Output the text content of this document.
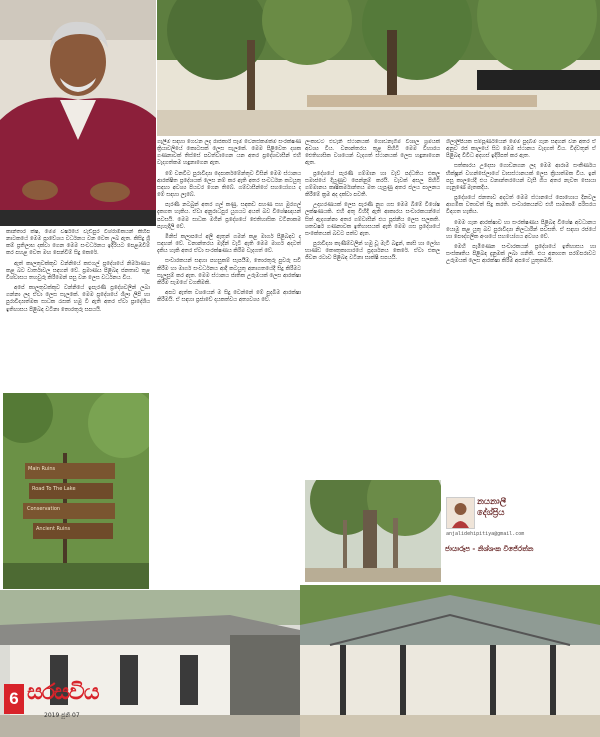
කාන්තාර ක්ෂ, මෙම වර්ෂයේ වැඩිපුර විශ්රාමිකයන් කිහිප නාටකයේ මෙම ප්‍රාවේශය වර්ධනය වන වෙත ලබ ඇත. කිසිදු ශ්‍රී කම් ප්‍රතිලාභ දක්වා ගෙන මෙම සංවර්ධනය ඉදිරියට පෙළඹවීම් කර පහළ වෙත මඟ පෙන්වීම් සිදු කෙරේ.

ඇත් කාලතුවක්කුව වන්නියේ කළුගල් ප්‍රදේශයේ නිර්මාණය කළ බව වාර්තාවල සඳහන් වේ. ප්‍රමාණය පිළිබඳ ජනතාව තුළ විශ්වාසය තහවුරු කිරීමෙන් පසු වන ලෙස වර්ධනය විය.

අපේ කාලතුවක්කුව වන්නියේ ඉපැරණි ප්‍රදේශවලින් ලබා ගන්නා ලද ඒවා ලෙස සැලකේ. මෙම ප්‍රදේශයේ ශිලා ලිපි හා පුරාවිද්‍යාත්මක සාධක රැසක් හමු වී ඇති අතර ඒවා ප්‍රාදේශීය ඉතිහාසය පිළිබඳ වටිනා තොරතුරු සපයයි.

Main Ruins
Road To The Lake
Conservation
Ancient Ruins

ගැලීම සඳහා ගෙවන ලද රාජකාරී සෑම වෙනස්කමක්ම සංරක්ෂණ ක්‍රියාවලියේ කොටසක් ලෙස සැලකේ. මෙම පිළිවෙත දශක ගණනාවක් තිස්සේ පවත්වාගෙන යන අතර ප්‍රදේශවාසීන් එහි වැදගත්කම හඳුනාගෙන ඇත.

මේ වනවිට පුරාවිද්‍යා දෙපාර්තමේන්තුව විසින් මෙම ස්ථානය ආරක්ෂිත ප්‍රදේශයක් ලෙස නම් කර ඇති අතර සංවර්ධන කටයුතු සඳහා අවශ්‍ය පියවර ගෙන තිබේ. ගම්වාසීන්ගේ සහයෝගය ද මේ සඳහා ලැබේ.

පැරණි නටබුන් අතර ගල් කණු, සඳකඩ පහණ සහ මුරගල් දැකගත හැකිය. ඒවා අනුරාධපුර යුගයට අයත් බව විශේෂඥයන් පවසයි. මෙම සාධක මගින් ප්‍රදේශයේ ඓතිහාසික වටිනාකම පැහැදිලි වේ.

මිනිස් කලාපයේ අලි ඇතුන් ගමන් කළ මාර්ග පිළිබඳව ද සඳහන් වේ. වනාන්තරය මැදින් වැටී ඇති මෙම මාර්ග අදටත් දැකිය හැකි අතර ඒවා සංරක්ෂණය කිරීම වැදගත් වේ.

සංචාරකයන් සඳහා පහසුකම් සැපයීම, තොරතුරු පුවරු සවි කිරීම හා මාර්ග සංවර්ධනය ආදී කටයුතු අනාගතයේදී සිදු කිරීමට සැලසුම් කර ඇත. මෙම ස්ථානය ජාතික උරුමයක් ලෙස ආරක්ෂා කිරීම සැමගේ වගකීමකි.

අපට ඇත්ත වශයෙන් ම සිදු වෙන්නේ මේ පුදබිම ආරක්ෂා කිරීමයි. ඒ සඳහා ප්‍රජාවේ දායකත්වය අත්‍යවශ්‍ය වේ.

ලංකාවට එවැනි ස්ථානයක් ගොඩනැගීම විශාල ශ්‍රමයක් අවශ්‍ය විය. වනාන්තරය තුළ පිහිටි මෙම විහාරය ඓතිහාසික වශයෙන් වැදගත් ස්ථානයක් ලෙස හඳුනාගෙන ඇත.

ප්‍රදේශයේ පැරණි ගම්මාන හා වැව් පද්ධතිය එකල සමාජයේ දියුණුව පෙන්නුම් කරයි. වැවක් අසල පිහිටි ගම්මානය කෘෂිකර්මාන්තය මත යැපුණු අතර ජලය පාලනය කිරීමේ ක්‍රම අද දක්වා පවතී.

උදාහරණයක් ලෙස පැරණි නුග ගස මෙම බිමේ විශේෂ ලක්ෂණයකි. එහි අතු විහිදී ඇති ආකාරය සංචාරකයන්ගේ සිත් ඇදගන්නා අතර ගම්වාසීන් එය පූජනීය ලෙස සලකති. ශතවර්ෂ ගණනාවක ඉතිහාසයක් ඇති මෙම ගස ප්‍රදේශයේ සංකේතයක් බවට පත්ව ඇත.

පුරාවිද්‍යා කැණීම්වලින් හමු වූ මැටි බඳුන්, කාසි හා ලෝහ භාණ්ඩ කෞතුකාගාරයේ ප්‍රදර්ශනය කෙරේ. ඒවා එකල ජීවන රටාව පිළිබඳ වටිනා සාක්ෂි සපයයි.

ශිලාලිපියක සම්පූර්ණයෙන් මෙම පුදබිම ගැන සඳහන් වන අතර ඒ අනුව රජ කාලයේ සිට මෙම ස්ථානය වැදගත් විය. විද්වතුන් ඒ පිළිබඳ විවිධ අදහස් ඉදිරිපත් කර ඇත.

සත්කාරය උදෙසා ගොඩනගන ලද මෙම ආරාම සංකීර්ණය භික්ෂූන් වහන්සේලාගේ වාසස්ථානයක් ලෙස ක්‍රියාත්මක විය. ඉන් පසු කාලයේදී එය වනාන්තරයෙන් වැසී ගිය අතර නැවත සොයා ගැනුණේ මෑතකදීය.

ප්‍රදේශයේ ජනතාව අදටත් මෙම ස්ථානයේ පොහොය දිනවල ආගමික වතාවත් සිදු කරති. සංචාරකයන්ට එහි සාමකාමී පරිසරය විඳගත හැකිය.

මෙම ගැන ආරක්ෂාව හා සංරක්ෂණය පිළිබඳ විශේෂ අවධානය යොමු කළ යුතු බව පුරාවිද්‍යා නිලධාරීන් පවසති. ඒ සඳහා රජයේ හා පෞද්ගලික අංශයේ සහයෝගය අවශ්‍ය වේ.

මෙහි පැමිණෙන සංචාරකයන් ප්‍රදේශයේ ඉතිහාසය හා සංස්කෘතිය පිළිබඳ දැනුමක් ලබා ගනිති. එය අනාගත පරම්පරාවට උරුමයක් ලෙස ආරක්ෂා කිරීම අපගේ යුතුකමයි.

නයනාලී
දේශ්ප්‍රිය
anjalidehipitiya@gmail.com
ජායාරූප - නිශ්ශංක විජේරත්න
6 සරසවිය
2019 ජූනි 07
